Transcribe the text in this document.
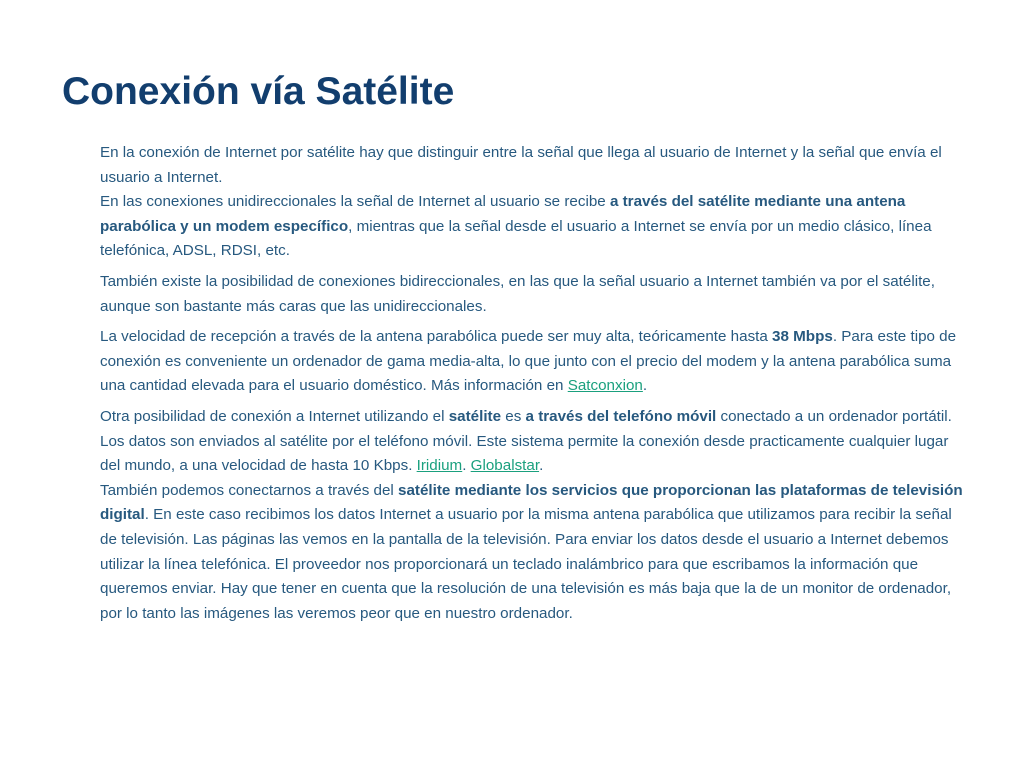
Conexión vía Satélite

En la conexión de Internet por satélite hay que distinguir entre la señal que llega al usuario de Internet y la señal que envía el usuario a Internet.
En las conexiones unidireccionales la señal de Internet al usuario se recibe a través del satélite mediante una antena parabólica y un modem específico, mientras que la señal desde el usuario a Internet se envía por un medio clásico, línea telefónica, ADSL, RDSI, etc.

También existe la posibilidad de conexiones bidireccionales, en las que la señal usuario a Internet también va por el satélite, aunque son bastante más caras que las unidireccionales.

La velocidad de recepción a través de la antena parabólica puede ser muy alta, teóricamente hasta 38 Mbps. Para este tipo de conexión es conveniente un ordenador de gama media-alta, lo que junto con el precio del modem y la antena parabólica suma una cantidad elevada para el usuario doméstico. Más información en Satconxion.

Otra posibilidad de conexión a Internet utilizando el satélite es a través del telefóno móvil conectado a un ordenador portátil. Los datos son enviados al satélite por el teléfono móvil. Este sistema permite la conexión desde practicamente cualquier lugar del mundo, a una velocidad de hasta 10 Kbps. Iridium. Globalstar.
También podemos conectarnos a través del satélite mediante los servicios que proporcionan las plataformas de televisión digital. En este caso recibimos los datos Internet a usuario por la misma antena parabólica que utilizamos para recibir la señal de televisión. Las páginas las vemos en la pantalla de la televisión. Para enviar los datos desde el usuario a Internet debemos utilizar la línea telefónica. El proveedor nos proporcionará un teclado inalámbrico para que escribamos la información que queremos enviar. Hay que tener en cuenta que la resolución de una televisión es más baja que la de un monitor de ordenador, por lo tanto las imágenes las veremos peor que en nuestro ordenador.
